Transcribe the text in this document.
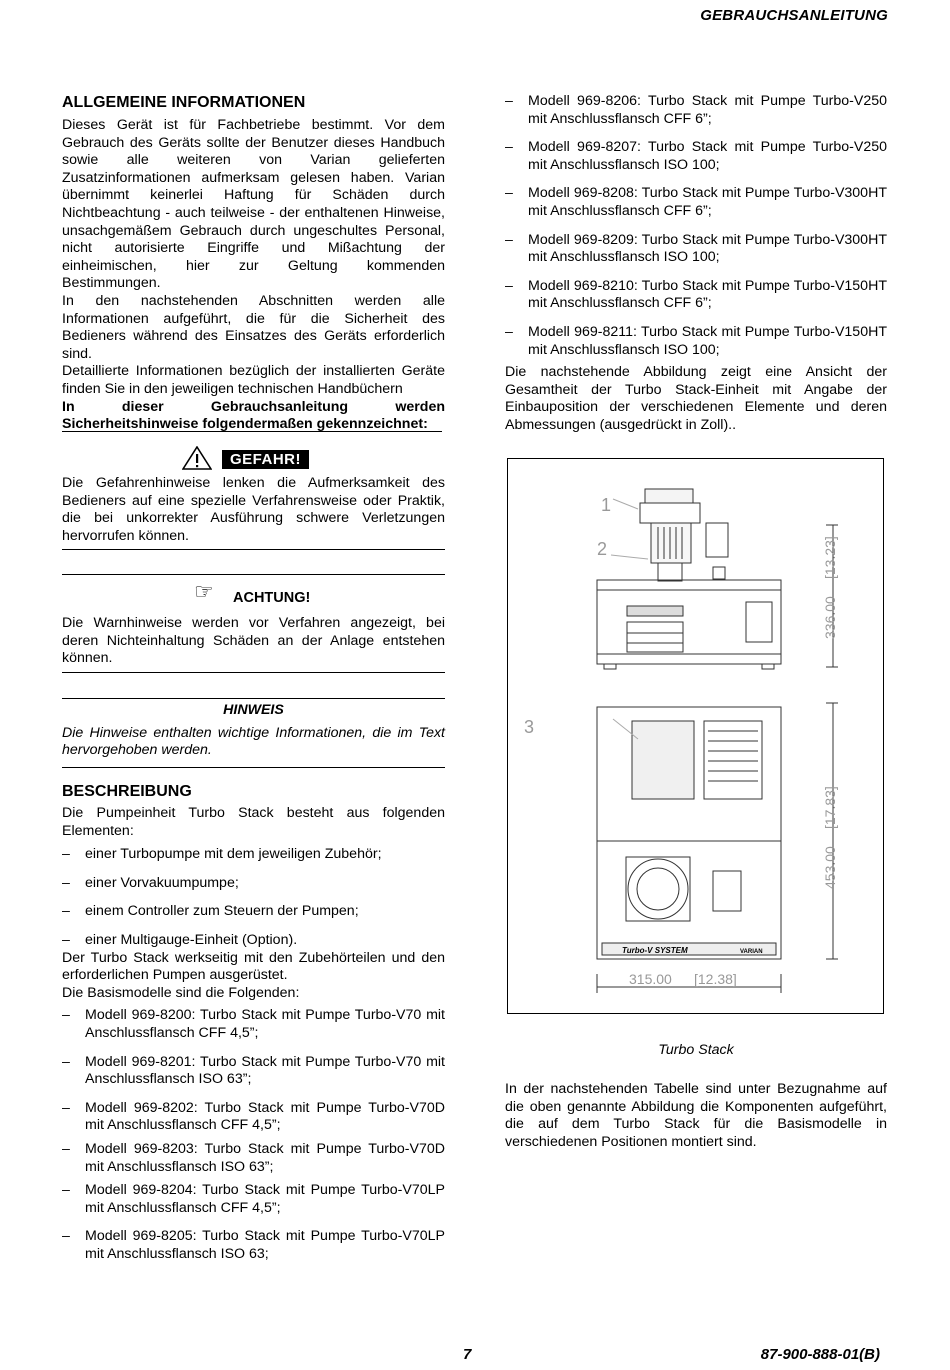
GEBRAUCHSANLEITUNG
ALLGEMEINE INFORMATIONEN

Dieses Gerät ist für Fachbetriebe bestimmt. Vor dem Gebrauch des Geräts sollte der Benutzer dieses Handbuch sowie alle weiteren von Varian gelieferten Zusatzinformationen aufmerksam gelesen haben. Varian übernimmt keinerlei Haftung für Schäden durch Nichtbeachtung - auch teilweise - der enthaltenen Hinweise, unsachgemäßem Gebrauch durch ungeschultes Personal, nicht autorisierte Eingriffe und Mißachtung der einheimischen, hier zur Geltung kommenden Bestimmungen.

In den nachstehenden Abschnitten werden alle Informationen aufgeführt, die für die Sicherheit des Bedieners während des Einsatzes des Geräts erforderlich sind.

Detaillierte Informationen bezüglich der installierten Geräte finden Sie in den jeweiligen technischen Handbüchern

In dieser Gebrauchsanleitung werden Sicherheitshinweise folgendermaßen gekennzeichnet:

GEFAHR!

Die Gefahrenhinweise lenken die Aufmerksamkeit des Bedieners auf eine spezielle Verfahrensweise oder Praktik, die bei unkorrekter Ausführung schwere Verletzungen hervorrufen können.

☞ ACHTUNG!

Die Warnhinweise werden vor Verfahren angezeigt, bei deren Nichteinhaltung Schäden an der Anlage entstehen können.

HINWEIS

Die Hinweise enthalten wichtige Informationen, die im Text hervorgehoben werden.

BESCHREIBUNG

Die Pumpeinheit Turbo Stack besteht aus folgenden Elementen:

– einer Turbopumpe mit dem jeweiligen Zubehör;
– einer Vorvakuumpumpe;
– einem Controller zum Steuern der Pumpen;
– einer Multigauge-Einheit (Option).

Der Turbo Stack werkseitig mit den Zubehörteilen und den erforderlichen Pumpen ausgerüstet.

Die Basismodelle sind die Folgenden:

– Modell 969-8200: Turbo Stack mit Pumpe Turbo-V70 mit Anschlussflansch CFF 4,5”;
– Modell 969-8201: Turbo Stack mit Pumpe Turbo-V70 mit Anschlussflansch ISO 63”;
– Modell 969-8202: Turbo Stack mit Pumpe Turbo-V70D mit Anschlussflansch CFF 4,5”;
– Modell 969-8203: Turbo Stack mit Pumpe Turbo-V70D mit Anschlussflansch ISO 63”;
– Modell 969-8204: Turbo Stack mit Pumpe Turbo-V70LP mit Anschlussflansch CFF 4,5”;
– Modell 969-8205: Turbo Stack mit Pumpe Turbo-V70LP mit Anschlussflansch ISO 63;
– Modell 969-8206: Turbo Stack mit Pumpe Turbo-V250 mit Anschlussflansch CFF 6”;
– Modell 969-8207: Turbo Stack mit Pumpe Turbo-V250 mit Anschlussflansch ISO 100;
– Modell 969-8208: Turbo Stack mit Pumpe Turbo-V300HT mit Anschlussflansch CFF 6”;
– Modell 969-8209: Turbo Stack mit Pumpe Turbo-V300HT mit Anschlussflansch ISO 100;
– Modell 969-8210: Turbo Stack mit Pumpe Turbo-V150HT mit Anschlussflansch CFF 6”;
– Modell 969-8211: Turbo Stack mit Pumpe Turbo-V150HT mit Anschlussflansch ISO 100;

Die nachstehende Abbildung zeigt eine Ansicht der Gesamtheit der Turbo Stack-Einheit mit Angabe der Einbauposition der verschiedenen Elemente und deren Abmessungen (ausgedrückt in Zoll)..

1
2
3
336.00
[13.23]
453.00
[17.83]
315.00 [12.38]
Turbo-V SYSTEM	VARIAN
Turbo Stack

In der nachstehenden Tabelle sind unter Bezugnahme auf die oben genannte Abbildung die Komponenten aufgeführt, die auf dem Turbo Stack für die Basismodelle in verschiedenen Positionen montiert sind.

7	87-900-888-01(B)
